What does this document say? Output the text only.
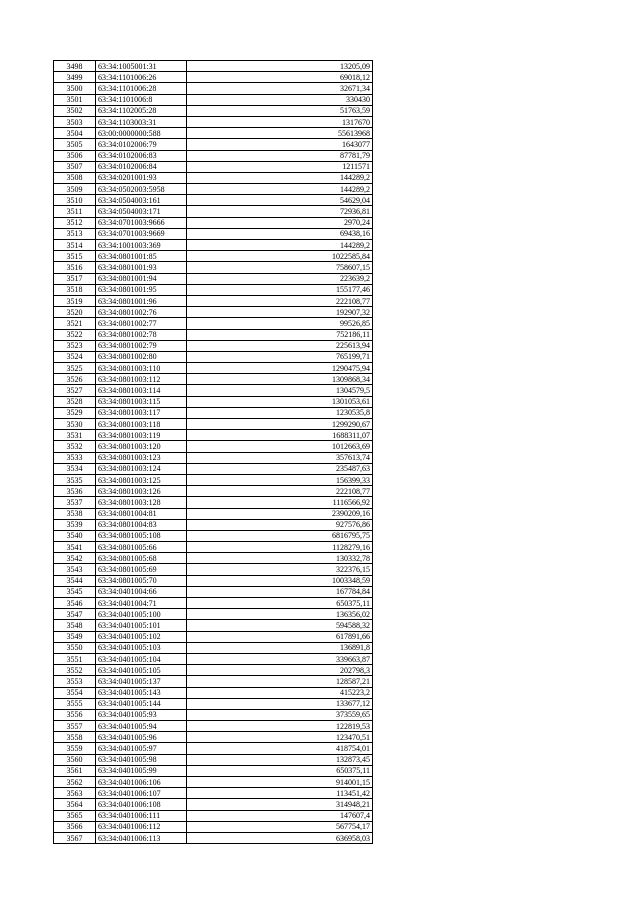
3498	63:34:1005001:31	13205,09
3499	63:34:1101006:26	69018,12
3500	63:34:1101006:28	32671,34
3501	63:34:1101006:8	330430
3502	63:34:1102005:28	51763,59
3503	63:34:1103003:31	1317670
3504	63:00:0000000:588	55613968
3505	63:34:0102006:79	1643077
3506	63:34:0102006:83	87781,79
3507	63:34:0102006:84	1211571
3508	63:34:0201001:93	144289,2
3509	63:34:0502003:5958	144289,2
3510	63:34:0504003:161	54629,04
3511	63:34:0504003:171	72936,81
3512	63:34:0701003:9666	2970,24
3513	63:34:0701003:9669	69438,16
3514	63:34:1001003:369	144289,2
3515	63:34:0801001:85	1022585,84
3516	63:34:0801001:93	758607,15
3517	63:34:0801001:94	223639,2
3518	63:34:0801001:95	155177,46
3519	63:34:0801001:96	222108,77
3520	63:34:0801002:76	192907,32
3521	63:34:0801002:77	99526,85
3522	63:34:0801002:78	752186,11
3523	63:34:0801002:79	225613,94
3524	63:34:0801002:80	765199,71
3525	63:34:0801003:110	1290475,94
3526	63:34:0801003:112	1309868,34
3527	63:34:0801003:114	1304579,5
3528	63:34:0801003:115	1301053,61
3529	63:34:0801003:117	1230535,8
3530	63:34:0801003:118	1299290,67
3531	63:34:0801003:119	1688311,07
3532	63:34:0801003:120	1012663,69
3533	63:34:0801003:123	357613,74
3534	63:34:0801003:124	235487,63
3535	63:34:0801003:125	156399,33
3536	63:34:0801003:126	222108,77
3537	63:34:0801003:128	1116566,92
3538	63:34:0801004:81	2390209,16
3539	63:34:0801004:83	927576,86
3540	63:34:0801005:108	6816795,75
3541	63:34:0801005:66	1128279,16
3542	63:34:0801005:68	130332,78
3543	63:34:0801005:69	322376,15
3544	63:34:0801005:70	1003348,59
3545	63:34:0401004:66	167784,84
3546	63:34:0401004:71	650375,11
3547	63:34:0401005:100	136356,02
3548	63:34:0401005:101	594588,32
3549	63:34:0401005:102	617891,66
3550	63:34:0401005:103	136891,8
3551	63:34:0401005:104	339663,87
3552	63:34:0401005:105	202798,3
3553	63:34:0401005:137	128587,21
3554	63:34:0401005:143	415223,2
3555	63:34:0401005:144	133677,12
3556	63:34:0401005:93	373559,65
3557	63:34:0401005:94	122819,53
3558	63:34:0401005:96	123470,51
3559	63:34:0401005:97	418754,01
3560	63:34:0401005:98	132873,45
3561	63:34:0401005:99	650375,11
3562	63:34:0401006:106	914001,15
3563	63:34:0401006:107	113451,42
3564	63:34:0401006:108	314948,21
3565	63:34:0401006:111	147607,4
3566	63:34:0401006:112	567754,17
3567	63:34:0401006:113	636958,03
